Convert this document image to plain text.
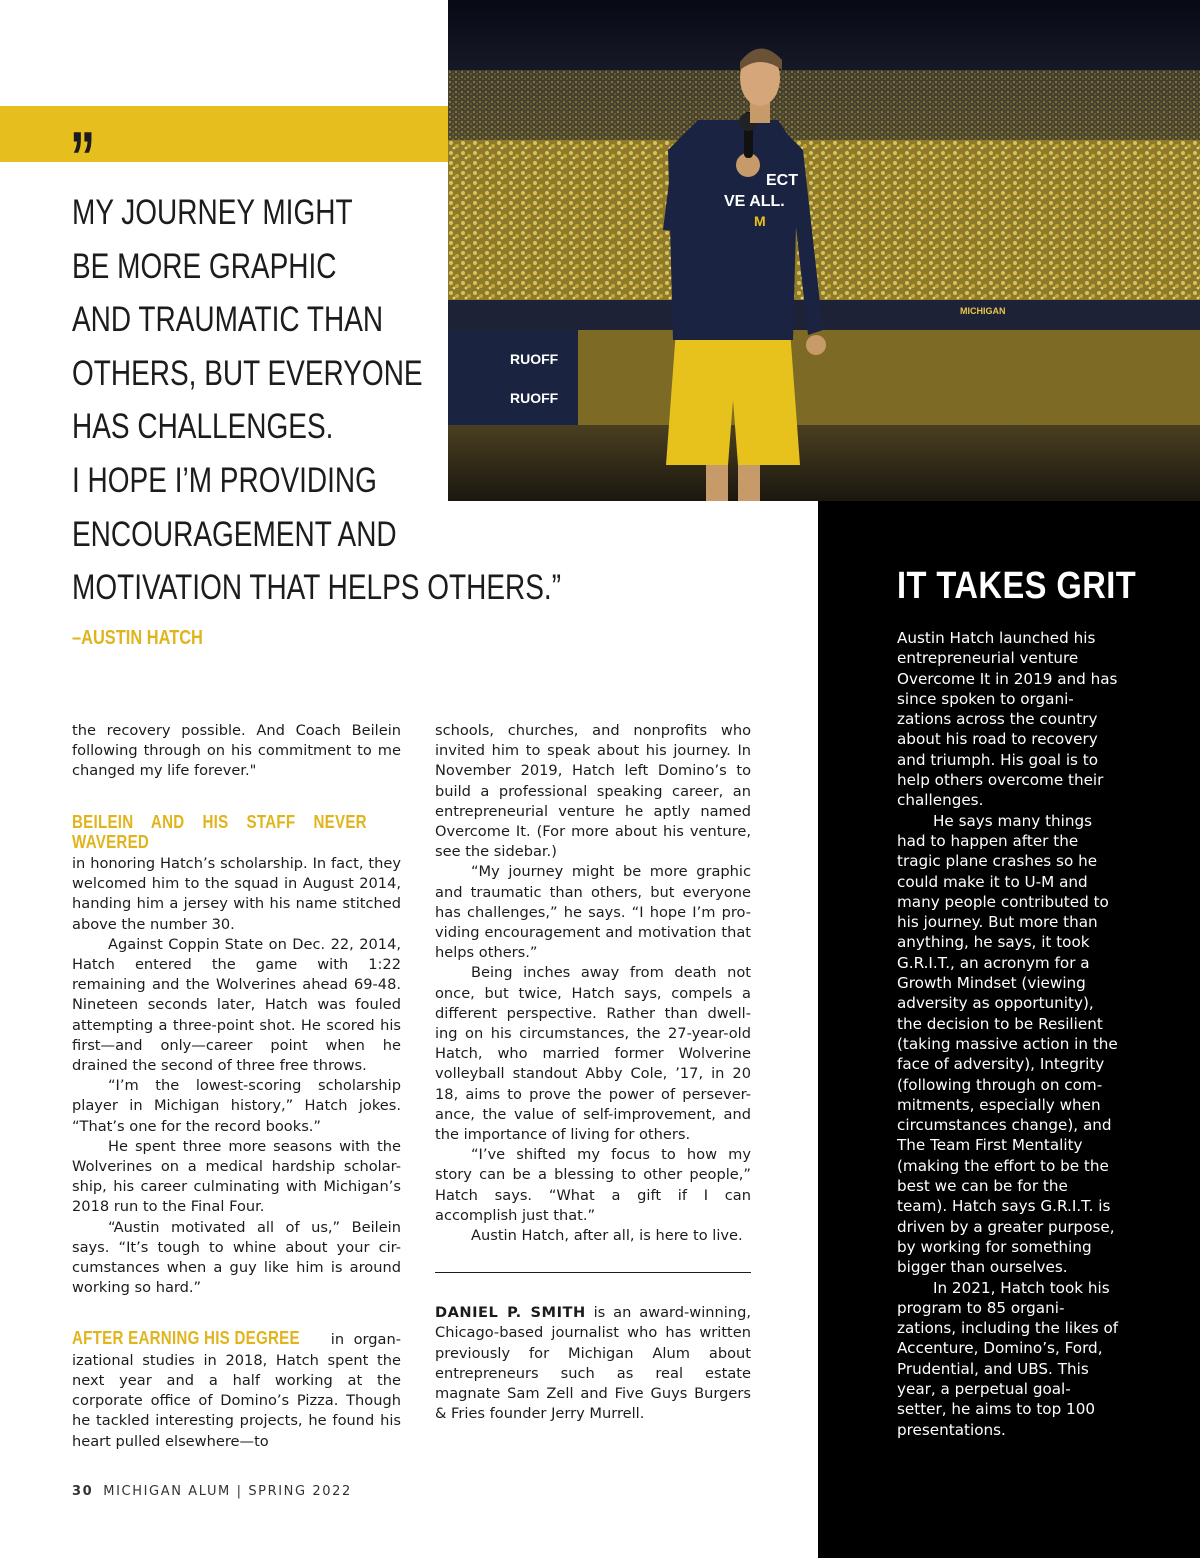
RUOFF
RUOFF
MICHIGAN
ECT
VE ALL.
M
”
MY JOURNEY MIGHT
BE MORE GRAPHIC
AND TRAUMATIC THAN
OTHERS, BUT EVERYONE
HAS CHALLENGES.
I HOPE I’M PROVIDING
ENCOURAGEMENT AND
MOTIVATION THAT HELPS OTHERS.”
–AUSTIN HATCH

the recovery possible. And Coach Beilein following through on his commitment to me changed my life forever."

BEILEIN AND HIS STAFF NEVER WAVERED in honoring Hatch’s scholarship. In fact, they welcomed him to the squad in August 2014, handing him a jersey with his name stitched above the number 30.

Against Coppin State on Dec. 22, 2014, Hatch entered the game with 1:22 remaining and the Wolverines ahead 69-48. Nineteen seconds later, Hatch was fouled attempting a three-point shot. He scored his first—and only—career point when he drained the second of three free throws.

“I’m the lowest-scoring scholarship player in Michigan history,” Hatch jokes. “That’s one for the record books.”

He spent three more seasons with the Wolverines on a medical hardship scholar- ship, his career culminating with Michigan’s 2018 run to the Final Four.

“Austin motivated all of us,” Beilein says. “It’s tough to whine about your cir- cumstances when a guy like him is around working so hard.”

AFTER EARNING HIS DEGREE in organ- izational studies in 2018, Hatch spent the next year and a half working at the corporate office of Domino’s Pizza. Though he tackled interesting projects, he found his heart pulled elsewhere—to

schools, churches, and nonprofits who invited him to speak about his journey. In November 2019, Hatch left Domino’s to build a professional speaking career, an entrepreneurial venture he aptly named Overcome It. (For more about his venture, see the sidebar.)

“My journey might be more graphic and traumatic than others, but everyone has challenges,” he says. “I hope I’m pro- viding encouragement and motivation that helps others.”

Being inches away from death not once, but twice, Hatch says, compels a different perspective. Rather than dwell- ing on his circumstances, the 27-year-old Hatch, who married former Wolverine volleyball standout Abby Cole, ’17, in 20 18, aims to prove the power of persever- ance, the value of self-improvement, and the importance of living for others.

“I’ve shifted my focus to how my story can be a blessing to other people,” Hatch says. “What a gift if I can accomplish just that.”

Austin Hatch, after all, is here to live.

DANIEL P. SMITH is an award-winning, Chicago-based journalist who has written previously for Michigan Alum about entrepreneurs such as real estate magnate Sam Zell and Five Guys Burgers & Fries founder Jerry Murrell.

IT TAKES GRIT

Austin Hatch launched his entrepreneurial venture Overcome It in 2019 and has since spoken to organi- zations across the country about his road to recovery and triumph. His goal is to help others overcome their challenges.

He says many things had to happen after the tragic plane crashes so he could make it to U-M and many people contributed to his journey. But more than anything, he says, it took G.R.I.T., an acronym for a Growth Mindset (viewing adversity as opportunity), the decision to be Resilient (taking massive action in the face of adversity), Integrity (following through on com- mitments, especially when circumstances change), and The Team First Mentality (making the effort to be the best we can be for the team). Hatch says G.R.I.T. is driven by a greater purpose, by working for something bigger than ourselves.

In 2021, Hatch took his program to 85 organi- zations, including the likes of Accenture, Domino’s, Ford, Prudential, and UBS. This year, a perpetual goal-setter, he aims to top 100 presentations.

30 MICHIGAN ALUM | SPRING 2022
